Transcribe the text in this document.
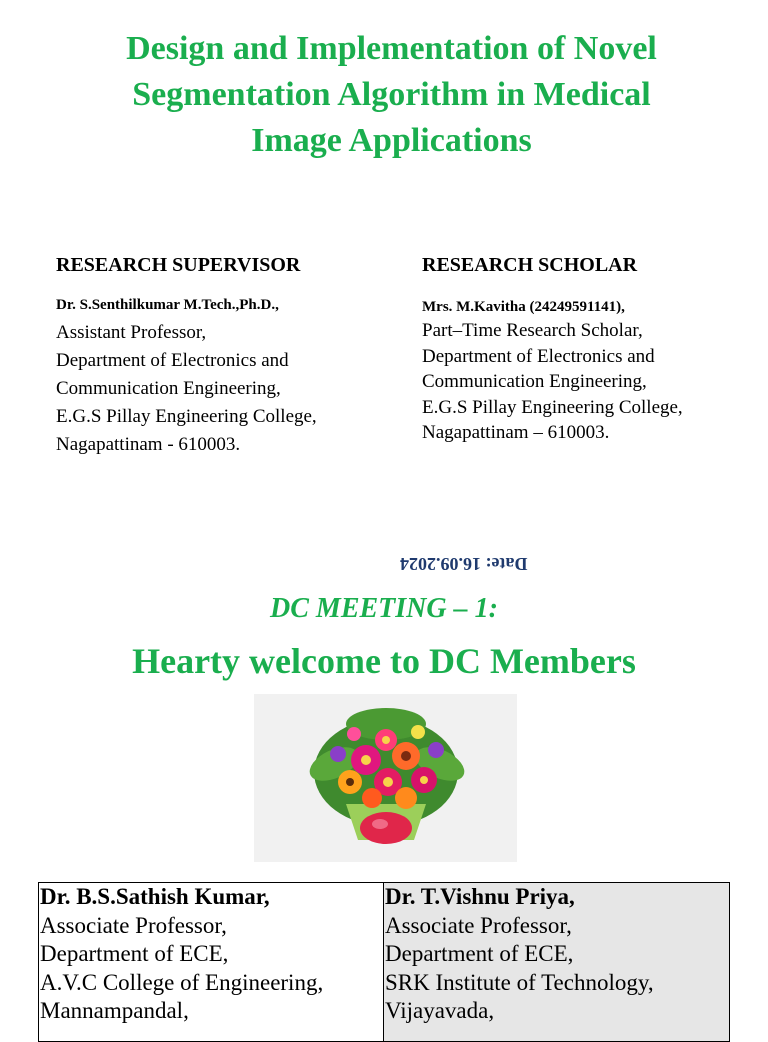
Design and Implementation of Novel
Segmentation Algorithm in Medical
Image Applications
RESEARCH SUPERVISOR
Dr. S.Senthilkumar M.Tech.,Ph.D.,
Assistant Professor,
Department of Electronics and
Communication Engineering,
E.G.S Pillay Engineering College,
Nagapattinam - 610003.
RESEARCH SCHOLAR
Mrs. M.Kavitha (24249591141),
Part–Time Research Scholar,
Department of Electronics and
Communication Engineering,
E.G.S Pillay Engineering College,
Nagapattinam – 610003.
Date: 16.09.2024
DC MEETING – 1:
Hearty welcome to DC Members
Dr. B.S.Sathish Kumar,
Associate Professor,
Department of ECE,
A.V.C College of Engineering,
Mannampandal,
Dr. T.Vishnu Priya,
Associate Professor,
Department of ECE,
SRK Institute of Technology,
Vijayavada,
